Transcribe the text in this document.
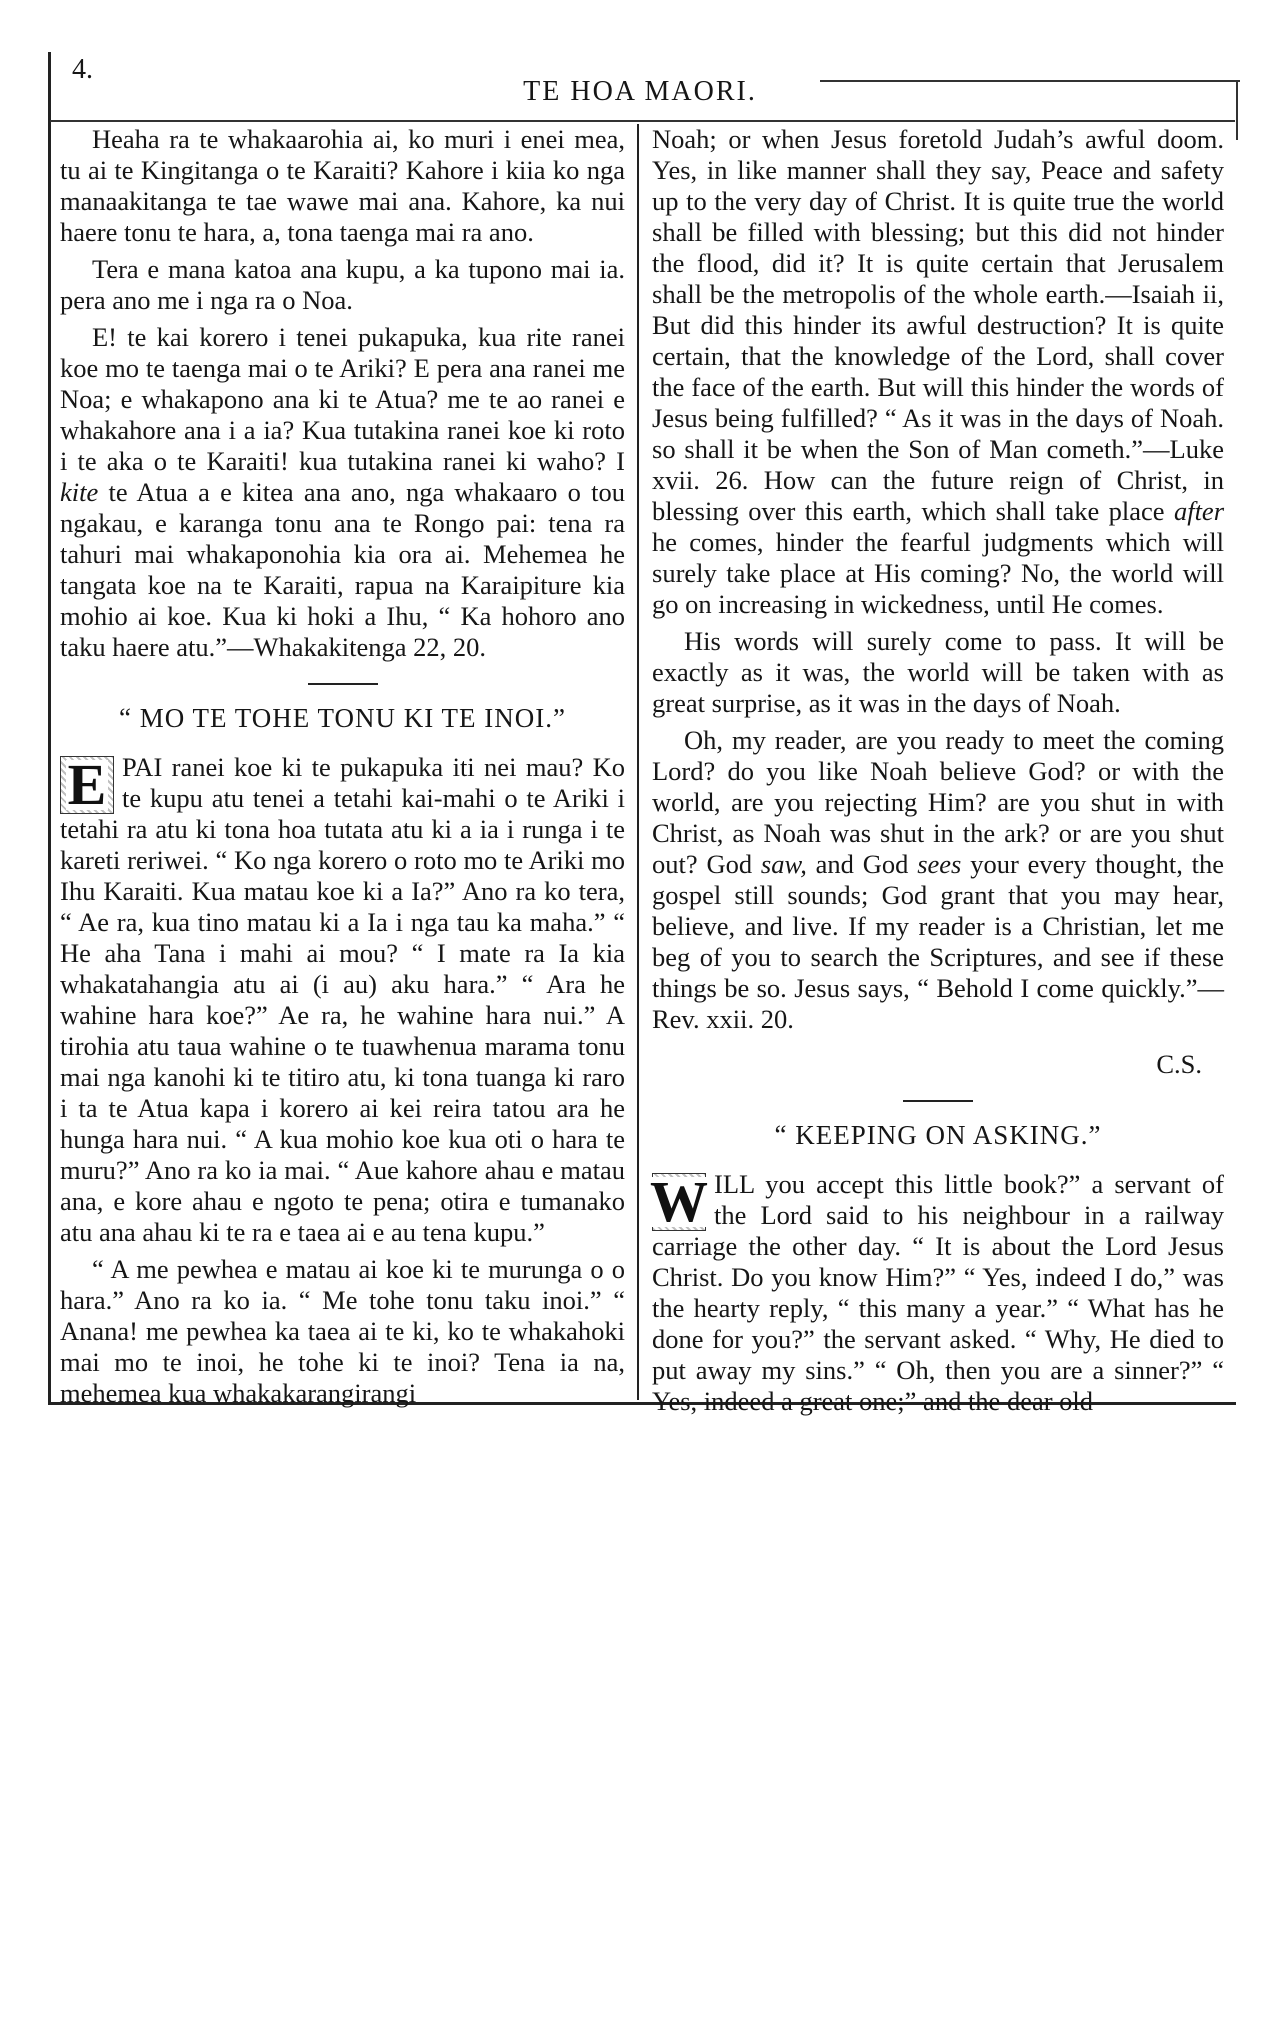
4.

TE HOA MAORI.

Heaha ra te whakaarohia ai, ko muri i enei mea, tu ai te Kingitanga o te Karaiti? Kahore i kiia ko nga manaakitanga te tae wawe mai ana. Kahore, ka nui haere tonu te hara, a, tona taenga mai ra ano.

Tera e mana katoa ana kupu, a ka tupono mai ia. pera ano me i nga ra o Noa.

E! te kai korero i tenei pukapuka, kua rite ranei koe mo te taenga mai o te Ariki? E pera ana ranei me Noa; e whakapono ana ki te Atua? me te ao ranei e whakahore ana i a ia? Kua tutakina ranei koe ki roto i te aka o te Karaiti! kua tutakina ranei ki waho? I kite te Atua a e kitea ana ano, nga whakaaro o tou ngakau, e karanga tonu ana te Rongo pai: tena ra tahuri mai whakaponohia kia ora ai. Mehemea he tangata koe na te Karaiti, rapua na Karaipiture kia mohio ai koe. Kua ki hoki a Ihu, “ Ka hohoro ano taku haere atu.”—Whakakitenga 22, 20.

“ MO TE TOHE TONU KI TE INOI.”

E PAI ranei koe ki te pukapuka iti nei mau? Ko te kupu atu tenei a tetahi kai-mahi o te Ariki i tetahi ra atu ki tona hoa tutata atu ki a ia i runga i te kareti reriwei. “ Ko nga korero o roto mo te Ariki mo Ihu Karaiti. Kua matau koe ki a Ia?” Ano ra ko tera, “ Ae ra, kua tino matau ki a Ia i nga tau ka maha.” “ He aha Tana i mahi ai mou? “ I mate ra Ia kia whakatahangia atu ai (i au) aku hara.” “ Ara he wahine hara koe?” Ae ra, he wahine hara nui.” A tirohia atu taua wahine o te tuawhenua marama tonu mai nga kanohi ki te titiro atu, ki tona tuanga ki raro i ta te Atua kapa i korero ai kei reira tatou ara he hunga hara nui. “ A kua mohio koe kua oti o hara te muru?” Ano ra ko ia mai. “ Aue kahore ahau e matau ana, e kore ahau e ngoto te pena; otira e tumanako atu ana ahau ki te ra e taea ai e au tena kupu.”

“ A me pewhea e matau ai koe ki te murunga o o hara.” Ano ra ko ia. “ Me tohe tonu taku inoi.” “ Anana! me pewhea ka taea ai te ki, ko te whakahoki mai mo te inoi, he tohe ki te inoi? Tena ia na, mehemea kua whakakarangirangi

Noah; or when Jesus foretold Judah’s awful doom. Yes, in like manner shall they say, Peace and safety up to the very day of Christ. It is quite true the world shall be filled with blessing; but this did not hinder the flood, did it? It is quite certain that Jerusalem shall be the metropolis of the whole earth.—Isaiah ii, But did this hinder its awful destruction? It is quite certain, that the knowledge of the Lord, shall cover the face of the earth. But will this hinder the words of Jesus being fulfilled? “ As it was in the days of Noah. so shall it be when the Son of Man cometh.”—Luke xvii. 26. How can the future reign of Christ, in blessing over this earth, which shall take place after he comes, hinder the fearful judgments which will surely take place at His coming? No, the world will go on increasing in wickedness, until He comes.

His words will surely come to pass. It will be exactly as it was, the world will be taken with as great surprise, as it was in the days of Noah.

Oh, my reader, are you ready to meet the coming Lord? do you like Noah believe God? or with the world, are you rejecting Him? are you shut in with Christ, as Noah was shut in the ark? or are you shut out? God saw, and God sees your every thought, the gospel still sounds; God grant that you may hear, believe, and live. If my reader is a Christian, let me beg of you to search the Scriptures, and see if these things be so. Jesus says, “ Behold I come quickly.”—Rev. xxii. 20.

C.S.

“ KEEPING ON ASKING.”

W ILL you accept this little book?” a servant of the Lord said to his neighbour in a railway carriage the other day. “ It is about the Lord Jesus Christ. Do you know Him?” “ Yes, indeed I do,” was the hearty reply, “ this many a year.” “ What has he done for you?” the servant asked. “ Why, He died to put away my sins.” “ Oh, then you are a sinner?” “ Yes, indeed a great one;” and the dear old
